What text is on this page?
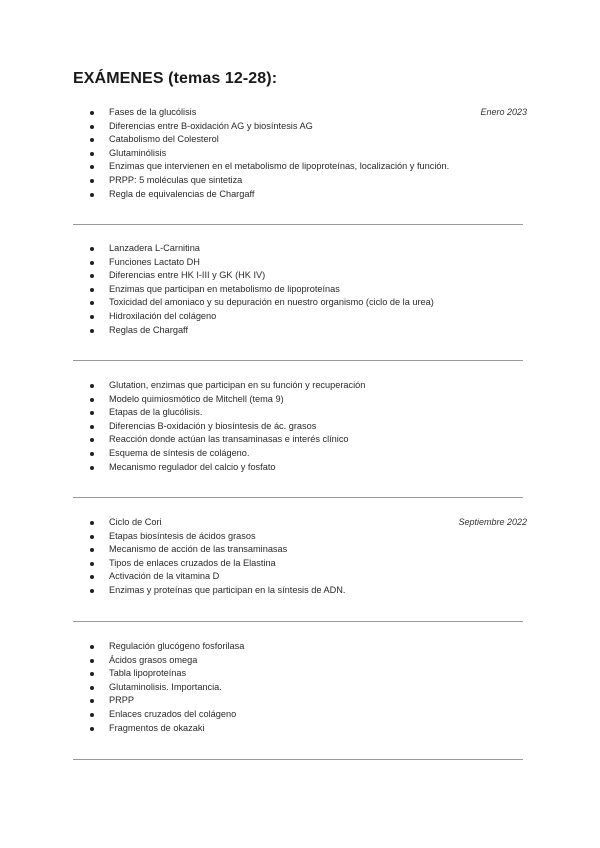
EXÁMENES (temas 12-28):
Enero 2023
Fases de la glucólisis
Diferencias entre B-oxidación AG y biosíntesis AG
Catabolismo del Colesterol
Glutaminólisis
Enzimas que intervienen en el metabolismo de lipoproteínas, localización y función.
PRPP: 5 moléculas que sintetiza
Regla de equivalencias de Chargaff
Lanzadera L-Carnitina
Funciones Lactato DH
Diferencias entre HK I-III y GK (HK IV)
Enzimas que participan en metabolismo de lipoproteínas
Toxicidad del amoniaco y su depuración en nuestro organismo (ciclo de la urea)
Hidroxilación del colágeno
Reglas de Chargaff
Glutation, enzimas que participan en su función y recuperación
Modelo quimiosmótico de Mitchell (tema 9)
Etapas de la glucólisis.
Diferencias B-oxidación y biosíntesis de ác. grasos
Reacción donde actúan las transaminasas e interés clínico
Esquema de síntesis de colágeno.
Mecanismo regulador del calcio y fosfato
Septiembre 2022
Ciclo de Cori
Etapas biosíntesis de ácidos grasos
Mecanismo de acción de las transaminasas
Tipos de enlaces cruzados de la Elastina
Activación de la vitamina D
Enzimas y proteínas que participan en la síntesis de ADN.
Regulación glucógeno fosforilasa
Ácidos grasos omega
Tabla lipoproteínas
Glutaminolisis. Importancia.
PRPP
Enlaces cruzados del colágeno
Fragmentos de okazaki
